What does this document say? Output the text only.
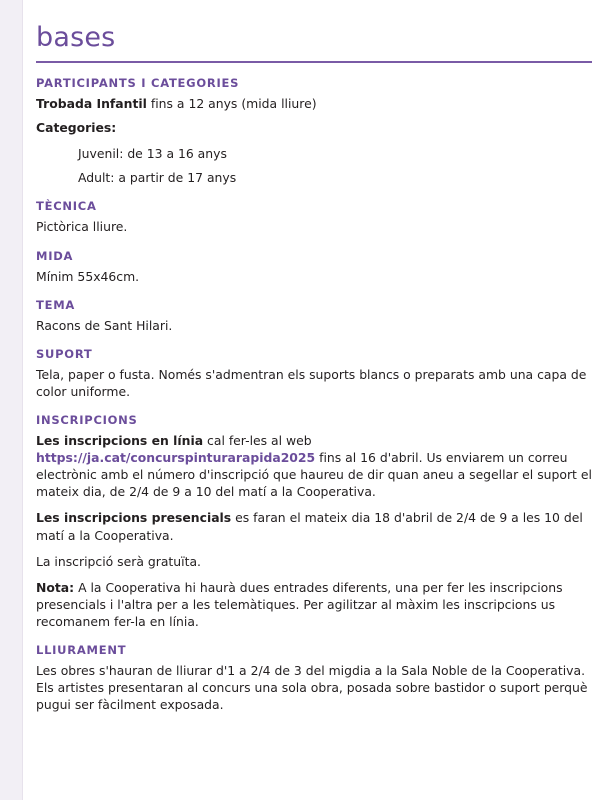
bases
PARTICIPANTS I CATEGORIES

Trobada Infantil fins a 12 anys (mida lliure)

Categories:

Juvenil: de 13 a 16 anys

Adult: a partir de 17 anys

TÈCNICA

Pictòrica lliure.

MIDA

Mínim 55x46cm.

TEMA

Racons de Sant Hilari.

SUPORT

Tela, paper o fusta. Només s'admentran els suports blancs o preparats amb una capa de color uniforme.

INSCRIPCIONS

Les inscripcions en línia cal fer-les al web https://ja.cat/concurspinturarapida2025 fins al 16 d'abril. Us enviarem un correu electrònic amb el número d'inscripció que haureu de dir quan aneu a segellar el suport el mateix dia, de 2/4 de 9 a 10 del matí a la Cooperativa.

Les inscripcions presencials es faran el mateix dia 18 d'abril de 2/4 de 9 a les 10 del matí a la Cooperativa.

La inscripció serà gratuïta.

Nota: A la Cooperativa hi haurà dues entrades diferents, una per fer les inscripcions presencials i l'altra per a les telemàtiques. Per agilitzar al màxim les inscripcions us recomanem fer-la en línia.

LLIURAMENT

Les obres s'hauran de lliurar d'1 a 2/4 de 3 del migdia a la Sala Noble de la Cooperativa. Els artistes presentaran al concurs una sola obra, posada sobre bastidor o suport perquè pugui ser fàcilment exposada.
